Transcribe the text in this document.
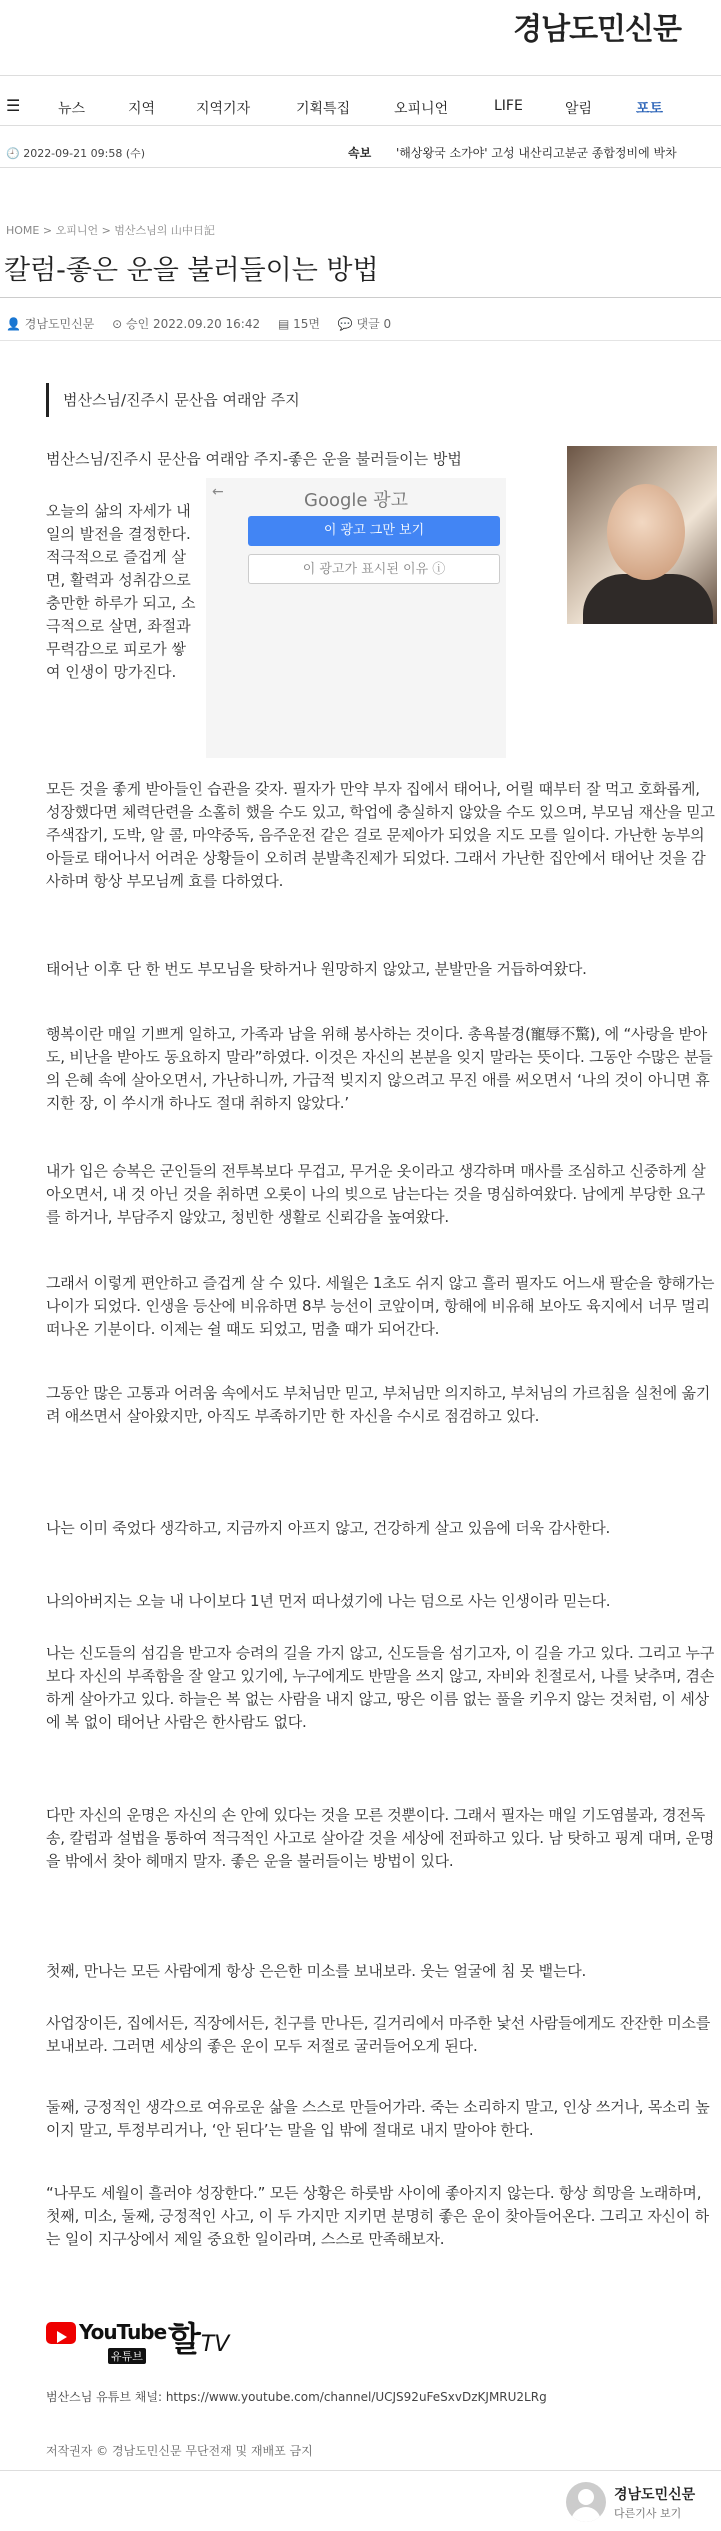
경남도민신문
☰	뉴스	지역	지역기자	기획특집	오피니언	LIFE	알림	포토
🕘 2022-09-21 09:58 (수)	속보 '해상왕국 소가야' 고성 내산리고분군 종합정비에 박차
HOME > 오피니언 > 범산스님의 山中日記
칼럼-좋은 운을 불러들이는 방법
👤 경남도민신문 ⊙ 승인 2022.09.20 16:42 ▤ 15면 💬 댓글 0
범산스님/진주시 문산읍 여래암 주지
범산스님/진주시 문산읍 여래암 주지-좋은 운을 불러들이는 방법
오늘의 삶의 자세가 내일의 발전을 결정한다. 적극적으로 즐겁게 살면, 활력과 성취감으로 충만한 하루가 되고, 소극적으로 살면, 좌절과 무력감으로 피로가 쌓여 인생이 망가진다.
←	Google 광고
이 광고 그만 보기
이 광고가 표시된 이유 ⓘ

모든 것을 좋게 받아들인 습관을 갖자. 필자가 만약 부자 집에서 태어나, 어릴 때부터 잘 먹고 호화롭게, 성장했다면 체력단련을 소홀히 했을 수도 있고, 학업에 충실하지 않았을 수도 있으며, 부모님 재산을 믿고 주색잡기, 도박, 알 콜, 마약중독, 음주운전 같은 걸로 문제아가 되었을 지도 모를 일이다. 가난한 농부의 아들로 태어나서 어려운 상황들이 오히려 분발촉진제가 되었다. 그래서 가난한 집안에서 태어난 것을 감사하며 항상 부모님께 효를 다하였다.

태어난 이후 단 한 번도 부모님을 탓하거나 원망하지 않았고, 분발만을 거듭하여왔다.

행복이란 매일 기쁘게 일하고, 가족과 남을 위해 봉사하는 것이다. 총욕불경(寵辱不驚), 에 “사랑을 받아도, 비난을 받아도 동요하지 말라”하였다. 이것은 자신의 본분을 잊지 말라는 뜻이다. 그동안 수많은 분들의 은혜 속에 살아오면서, 가난하니까, 가급적 빚지지 않으려고 무진 애를 써오면서 ‘나의 것이 아니면 휴지한 장, 이 쑤시개 하나도 절대 취하지 않았다.’

내가 입은 승복은 군인들의 전투복보다 무겁고, 무거운 옷이라고 생각하며 매사를 조심하고 신중하게 살아오면서, 내 것 아닌 것을 취하면 오롯이 나의 빚으로 남는다는 것을 명심하여왔다. 남에게 부당한 요구를 하거나, 부담주지 않았고, 청빈한 생활로 신뢰감을 높여왔다.

그래서 이렇게 편안하고 즐겁게 살 수 있다. 세월은 1초도 쉬지 않고 흘러 필자도 어느새 팔순을 향해가는 나이가 되었다. 인생을 등산에 비유하면 8부 능선이 코앞이며, 항해에 비유해 보아도 육지에서 너무 멀리 떠나온 기분이다. 이제는 쉴 때도 되었고, 멈출 때가 되어간다.

그동안 많은 고통과 어려움 속에서도 부처님만 믿고, 부처님만 의지하고, 부처님의 가르침을 실천에 옮기려 애쓰면서 살아왔지만, 아직도 부족하기만 한 자신을 수시로 점검하고 있다.

나는 이미 죽었다 생각하고, 지금까지 아프지 않고, 건강하게 살고 있음에 더욱 감사한다.

나의아버지는 오늘 내 나이보다 1년 먼저 떠나셨기에 나는 덤으로 사는 인생이라 믿는다.

나는 신도들의 섬김을 받고자 승려의 길을 가지 않고, 신도들을 섬기고자, 이 길을 가고 있다. 그리고 누구보다 자신의 부족함을 잘 알고 있기에, 누구에게도 반말을 쓰지 않고, 자비와 친절로서, 나를 낮추며, 겸손하게 살아가고 있다. 하늘은 복 없는 사람을 내지 않고, 땅은 이름 없는 풀을 키우지 않는 것처럼, 이 세상에 복 없이 태어난 사람은 한사람도 없다.

다만 자신의 운명은 자신의 손 안에 있다는 것을 모른 것뿐이다. 그래서 필자는 매일 기도염불과, 경전독송, 칼럼과 설법을 통하여 적극적인 사고로 살아갈 것을 세상에 전파하고 있다. 남 탓하고 핑계 대며, 운명을 밖에서 찾아 헤매지 말자. 좋은 운을 불러들이는 방법이 있다.

첫째, 만나는 모든 사람에게 항상 은은한 미소를 보내보라. 웃는 얼굴에 침 못 뱉는다.

사업장이든, 집에서든, 직장에서든, 친구를 만나든, 길거리에서 마주한 낯선 사람들에게도 잔잔한 미소를 보내보라. 그러면 세상의 좋은 운이 모두 저절로 굴러들어오게 된다.

둘째, 긍정적인 생각으로 여유로운 삶을 스스로 만들어가라. 죽는 소리하지 말고, 인상 쓰거나, 목소리 높이지 말고, 투정부리거나, ‘안 된다’는 말을 입 밖에 절대로 내지 말아야 한다.

“나무도 세월이 흘러야 성장한다.” 모든 상황은 하룻밤 사이에 좋아지지 않는다. 항상 희망을 노래하며, 첫째, 미소, 둘째, 긍정적인 사고, 이 두 가지만 지키면 분명히 좋은 운이 찾아들어온다. 그리고 자신이 하는 일이 지구상에서 제일 중요한 일이라며, 스스로 만족해보자.

YouTube
유튜브 할TV
범산스님 유튜브 채널: https://www.youtube.com/channel/UCJS92uFeSxvDzKJMRU2LRg
저작권자 © 경남도민신문 무단전재 및 재배포 금지
경남도민신문
다른기사 보기
